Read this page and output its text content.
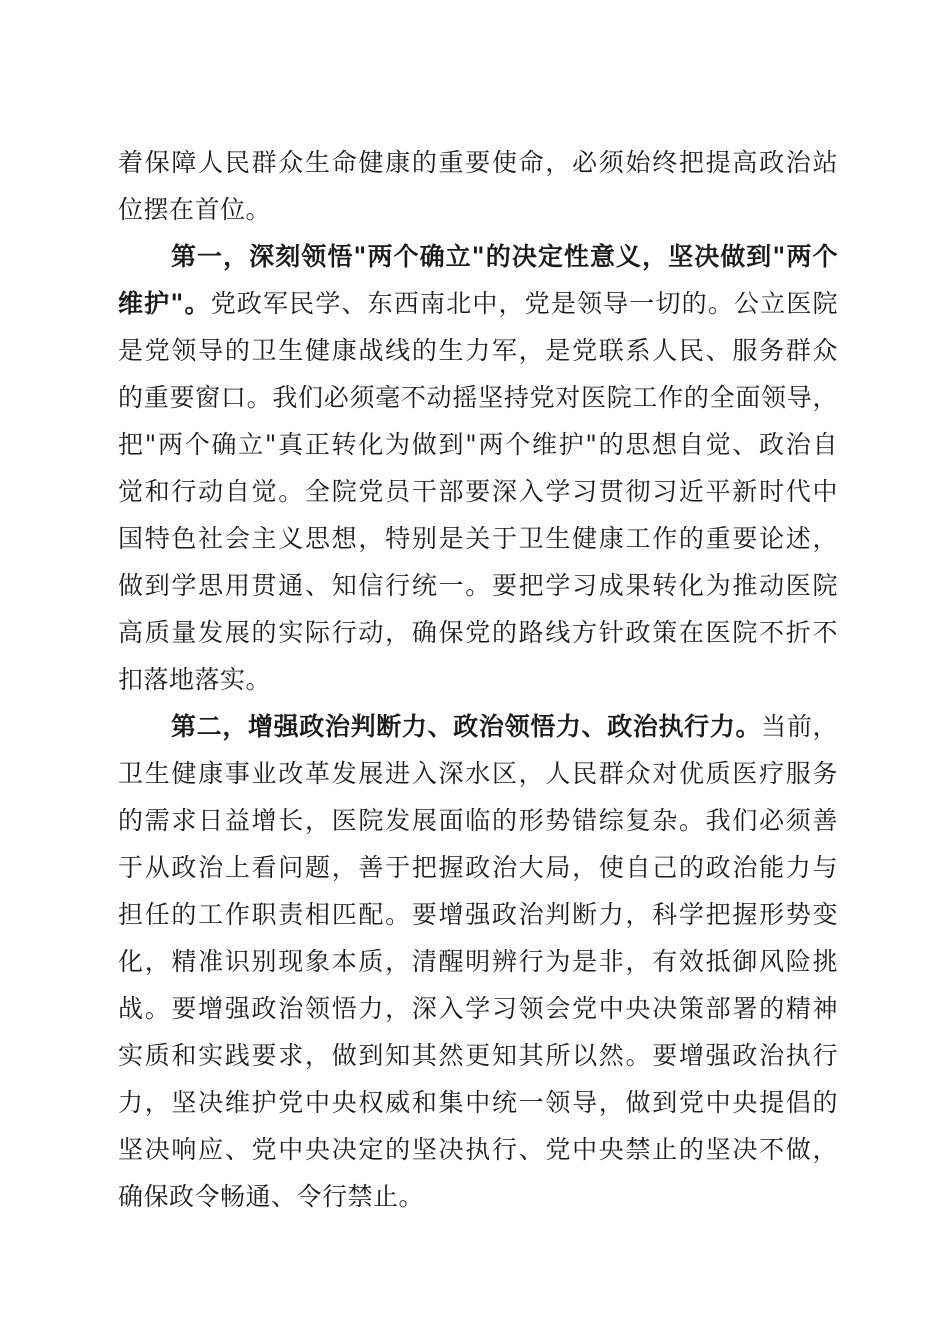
着保障人民群众生命健康的重要使命，必须始终把提高政治站
位摆在首位。
第一，深刻领悟"两个确立"的决定性意义，坚决做到"两个
维护"。党政军民学、东西南北中，党是领导一切的。公立医院
是党领导的卫生健康战线的生力军，是党联系人民、服务群众
的重要窗口。我们必须毫不动摇坚持党对医院工作的全面领导，
把"两个确立"真正转化为做到"两个维护"的思想自觉、政治自
觉和行动自觉。全院党员干部要深入学习贯彻习近平新时代中
国特色社会主义思想，特别是关于卫生健康工作的重要论述，
做到学思用贯通、知信行统一。要把学习成果转化为推动医院
高质量发展的实际行动，确保党的路线方针政策在医院不折不
扣落地落实。
第二，增强政治判断力、政治领悟力、政治执行力。当前，
卫生健康事业改革发展进入深水区，人民群众对优质医疗服务
的需求日益增长，医院发展面临的形势错综复杂。我们必须善
于从政治上看问题，善于把握政治大局，使自己的政治能力与
担任的工作职责相匹配。要增强政治判断力，科学把握形势变
化，精准识别现象本质，清醒明辨行为是非，有效抵御风险挑
战。要增强政治领悟力，深入学习领会党中央决策部署的精神
实质和实践要求，做到知其然更知其所以然。要增强政治执行
力，坚决维护党中央权威和集中统一领导，做到党中央提倡的
坚决响应、党中央决定的坚决执行、党中央禁止的坚决不做，
确保政令畅通、令行禁止。
